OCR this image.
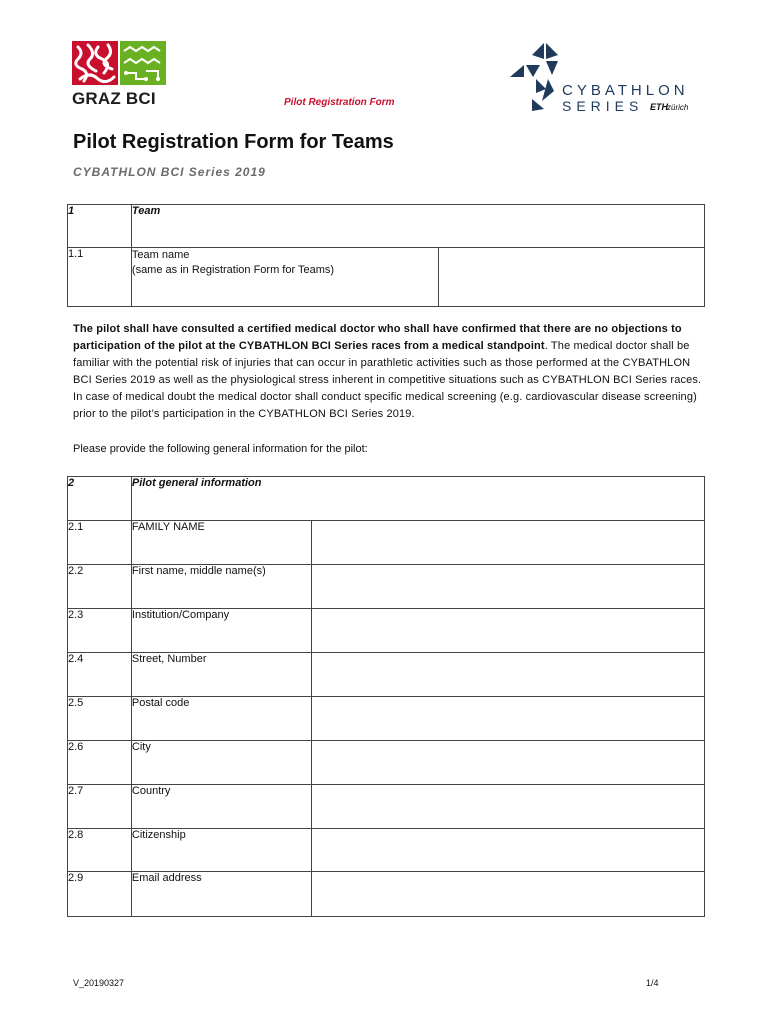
GRAZ BCI	Pilot Registration Form
CYBATHLON
SERIES ETH zürich
Pilot Registration Form for Teams
CYBATHLON BCI Series 2019
1	Team	
1.1	Team name
(same as in Registration Form for Teams)	

The pilot shall have consulted a certified medical doctor who shall have confirmed that there are no objections to participation of the pilot at the CYBATHLON BCI Series races from a medical standpoint. The medical doctor shall be familiar with the potential risk of injuries that can occur in parathletic activities such as those performed at the CYBATHLON BCI Series 2019 as well as the physiological stress inherent in competitive situations such as CYBATHLON BCI Series races. In case of medical doubt the medical doctor shall conduct specific medical screening (e.g. cardiovascular disease screening) prior to the pilot’s participation in the CYBATHLON BCI Series 2019.
Please provide the following general information for the pilot:
2	Pilot general information	
2.1	FAMILY NAME	
2.2	First name, middle name(s)	
2.3	Institution/Company	
2.4	Street, Number	
2.5	Postal code	
2.6	City	
2.7	Country	
2.8	Citizenship	
2.9	Email address	
V_20190327	1/4
